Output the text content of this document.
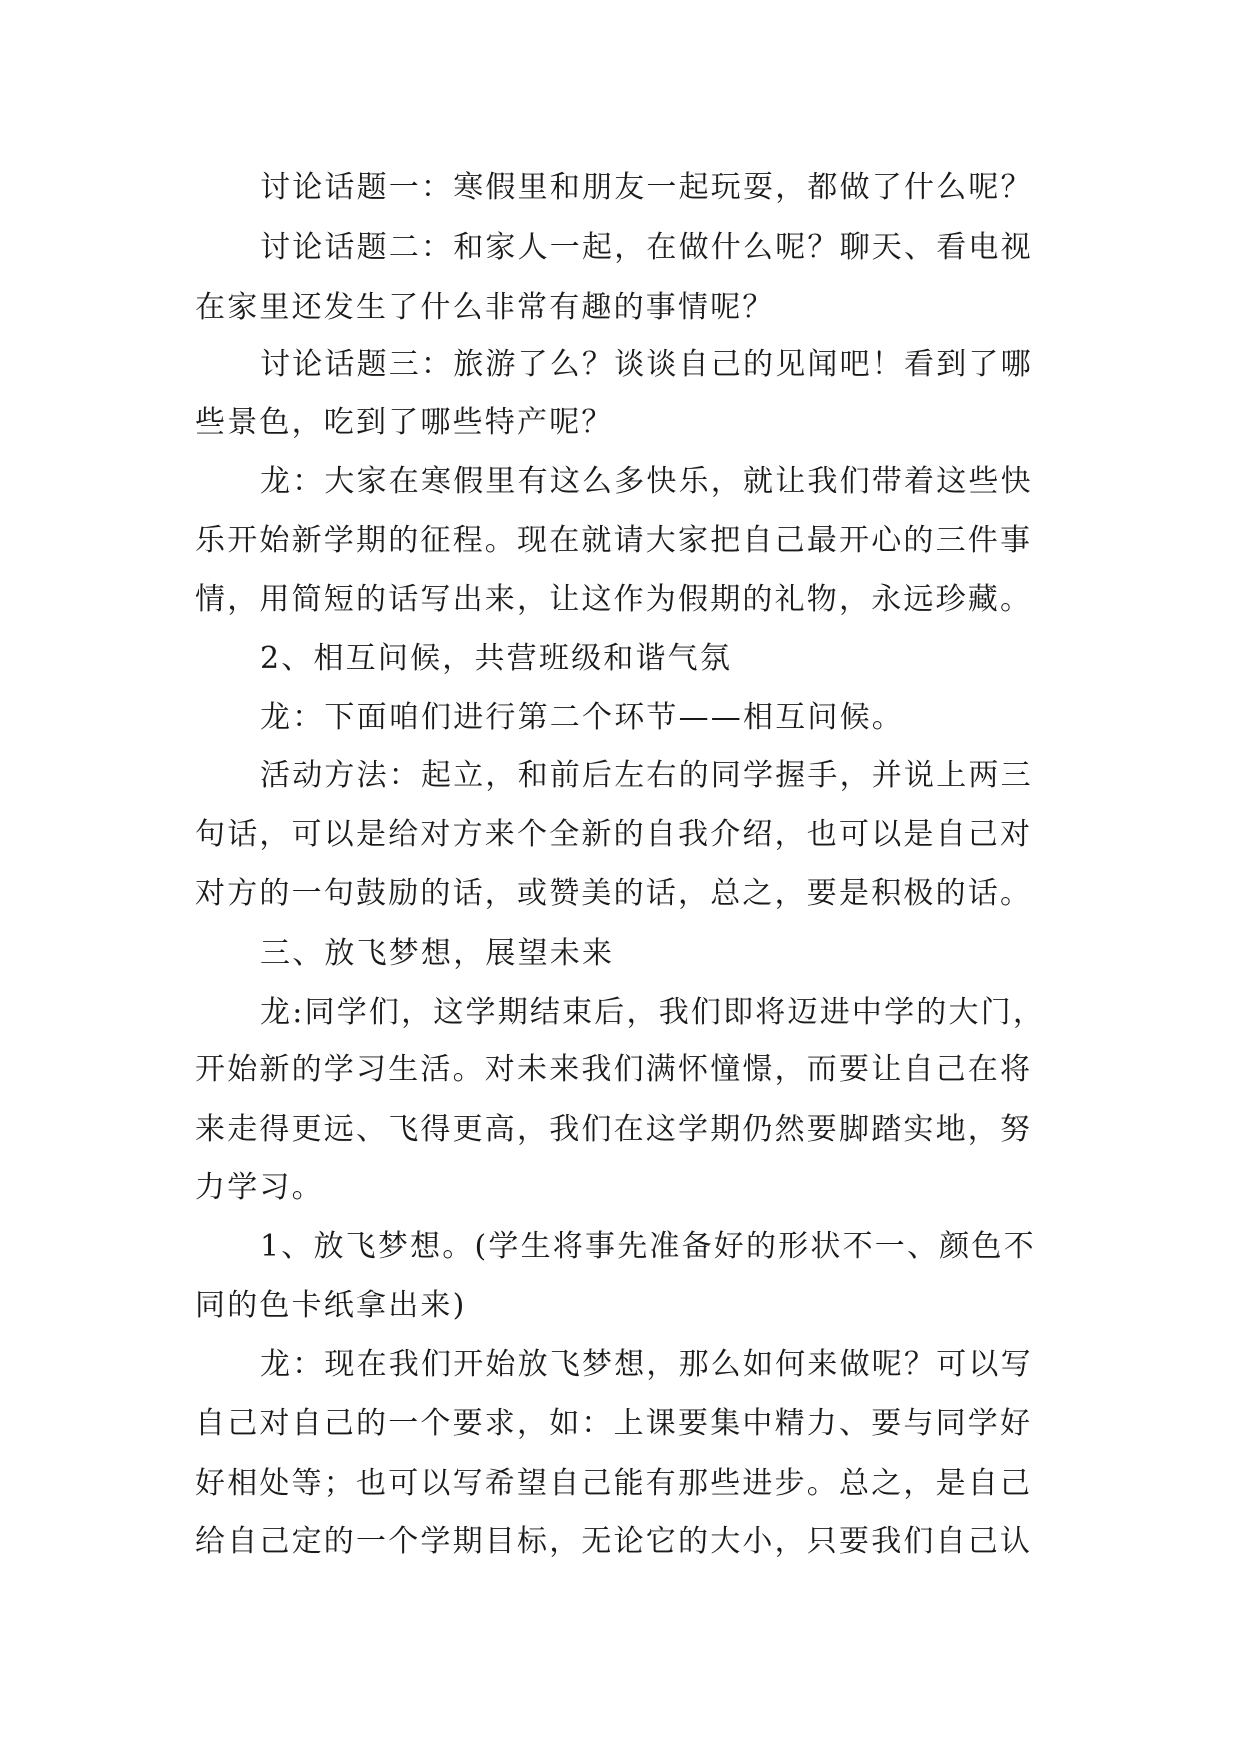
讨论话题一：寒假里和朋友一起玩耍，都做了什么呢？
讨论话题二：和家人一起，在做什么呢？聊天、看电视
在家里还发生了什么非常有趣的事情呢？
讨论话题三：旅游了么？谈谈自己的见闻吧！看到了哪
些景色，吃到了哪些特产呢？
龙：大家在寒假里有这么多快乐，就让我们带着这些快
乐开始新学期的征程。现在就请大家把自己最开心的三件事
情，用简短的话写出来，让这作为假期的礼物，永远珍藏。
2、相互问候，共营班级和谐气氛
龙：下面咱们进行第二个环节——相互问候。
活动方法：起立，和前后左右的同学握手，并说上两三
句话，可以是给对方来个全新的自我介绍，也可以是自己对
对方的一句鼓励的话，或赞美的话，总之，要是积极的话。
三、放飞梦想，展望未来
龙:同学们，这学期结束后，我们即将迈进中学的大门，
开始新的学习生活。对未来我们满怀憧憬，而要让自己在将
来走得更远、飞得更高，我们在这学期仍然要脚踏实地，努
力学习。
1、放飞梦想。(学生将事先准备好的形状不一、颜色不
同的色卡纸拿出来)
龙：现在我们开始放飞梦想，那么如何来做呢？可以写
自己对自己的一个要求，如：上课要集中精力、要与同学好
好相处等；也可以写希望自己能有那些进步。总之，是自己
给自己定的一个学期目标，无论它的大小，只要我们自己认
